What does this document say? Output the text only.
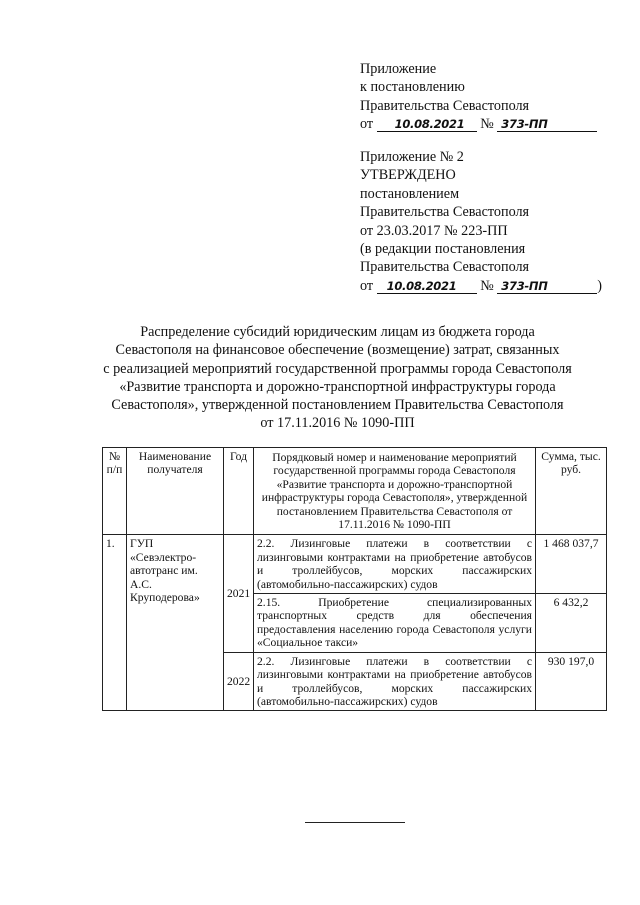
Приложение
к постановлению
Правительства Севастополя
от 10.08.2021 № 373-ПП
Приложение № 2
УТВЕРЖДЕНО
постановлением
Правительства Севастополя
от 23.03.2017 № 223-ПП
(в редакции постановления
Правительства Севастополя
от 10.08.2021 № 373-ПП	)
Распределение субсидий юридическим лицам из бюджета города
Севастополя на финансовое обеспечение (возмещение) затрат, связанных
с реализацией мероприятий государственной программы города Севастополя
«Развитие транспорта и дорожно-транспортной инфраструктуры города
Севастополя», утвержденной постановлением Правительства Севастополя
от 17.11.2016 № 1090-ПП
№ п/п	Наименование получателя	Год	Порядковый номер и наименование мероприятий государственной программы города Севастополя «Развитие транспорта и дорожно-транспортной инфраструктуры города Севастополя», утвержденной постановлением Правительства Севастополя от 17.11.2016 № 1090-ПП	Сумма, тыс. руб.
1.	ГУП «Севэлектро-автотранс им. А.С. Круподерова»	2021	2.2. Лизинговые платежи в соответствии с лизинговыми контрактами на приобретение автобусов и троллейбусов, морских пассажирских (автомобильно-пассажирских) судов	1 468 037,7
			2.15. Приобретение специализированных транспортных средств для обеспечения предоставления населению города Севастополя услуги «Социальное такси»	6 432,2
		2022	2.2. Лизинговые платежи в соответствии с лизинговыми контрактами на приобретение автобусов и троллейбусов, морских пассажирских (автомобильно-пассажирских) судов	930 197,0
